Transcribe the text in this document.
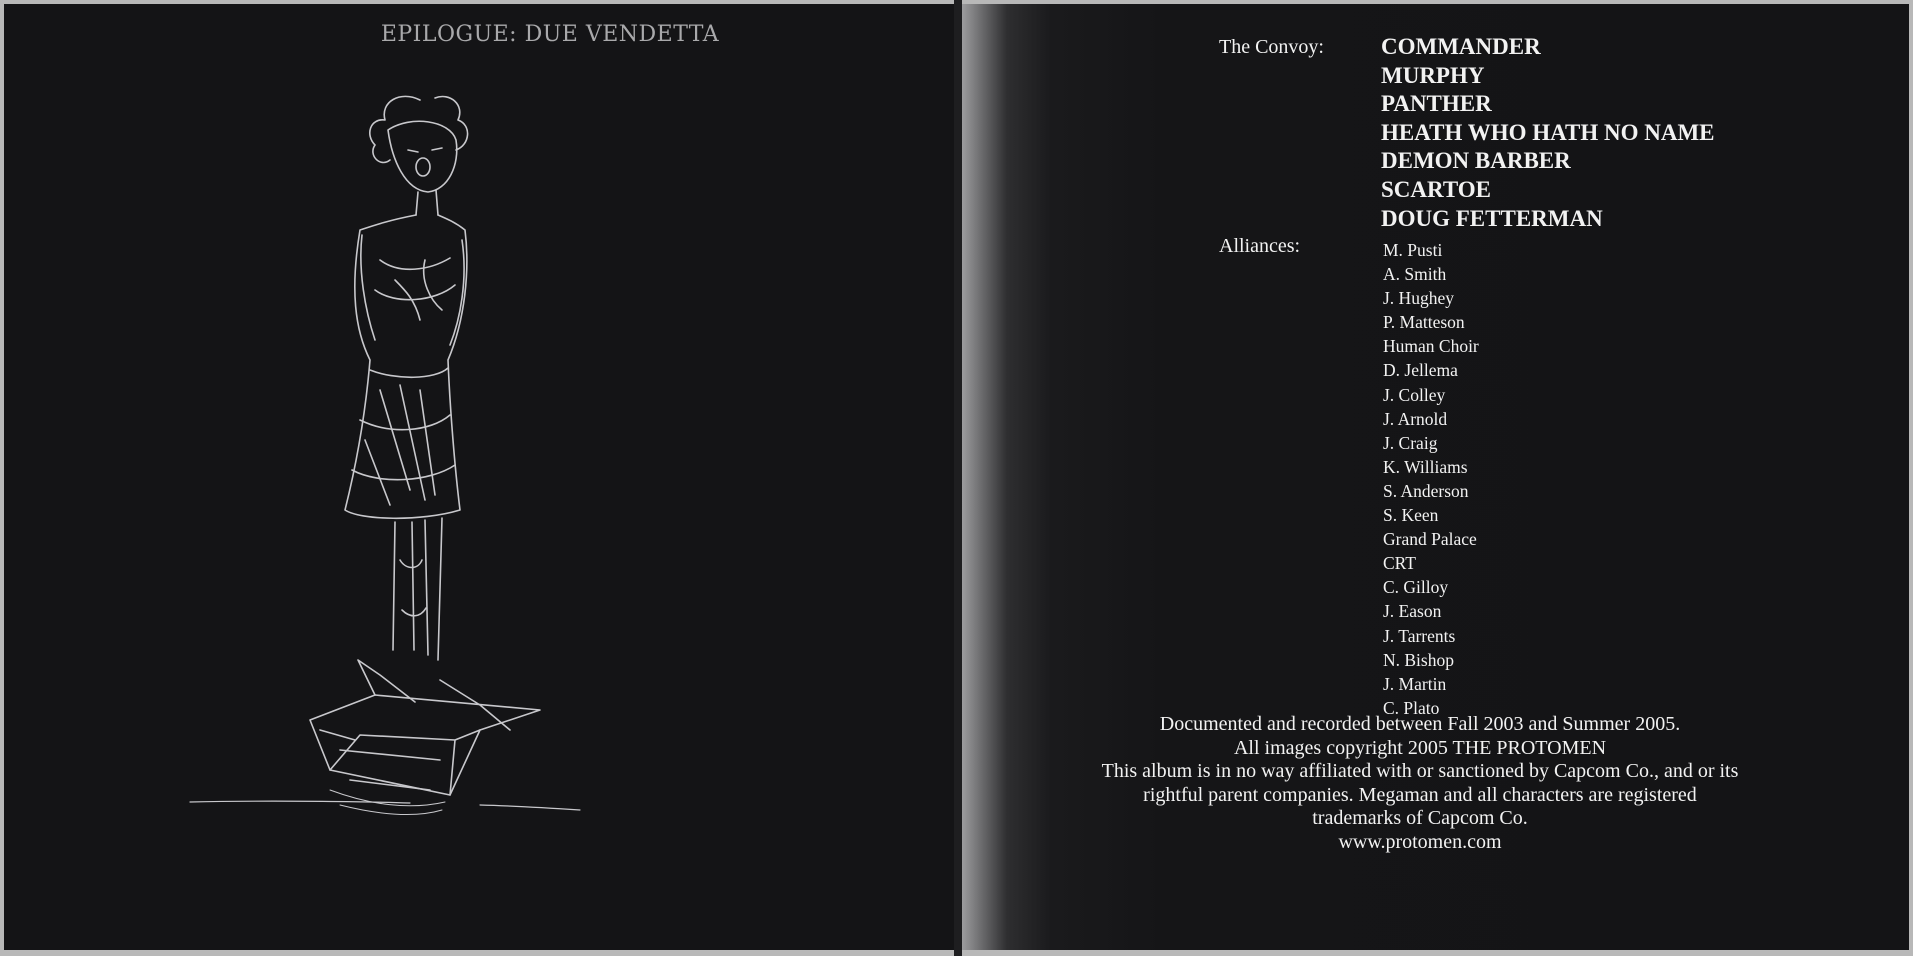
EPILOGUE: DUE VENDETTA	The Convoy: COMMANDER
MURPHY
PANTHER
HEATH WHO HATH NO NAME
DEMON BARBER
SCARTOE
DOUG FETTERMAN
Alliances:	M. Pusti
A. Smith
J. Hughey
P. Matteson
Human Choir
D. Jellema
J. Colley
J. Arnold
J. Craig
K. Williams
S. Anderson
S. Keen
Grand Palace
CRT
C. Gilloy
J. Eason
J. Tarrents
N. Bishop
J. Martin
C. Plato
Documented and recorded between Fall 2003 and Summer 2005.
All images copyright 2005 THE PROTOMEN
This album is in no way affiliated with or sanctioned by Capcom Co., and or its
rightful parent companies. Megaman and all characters are registered
trademarks of Capcom Co.
www.protomen.com
